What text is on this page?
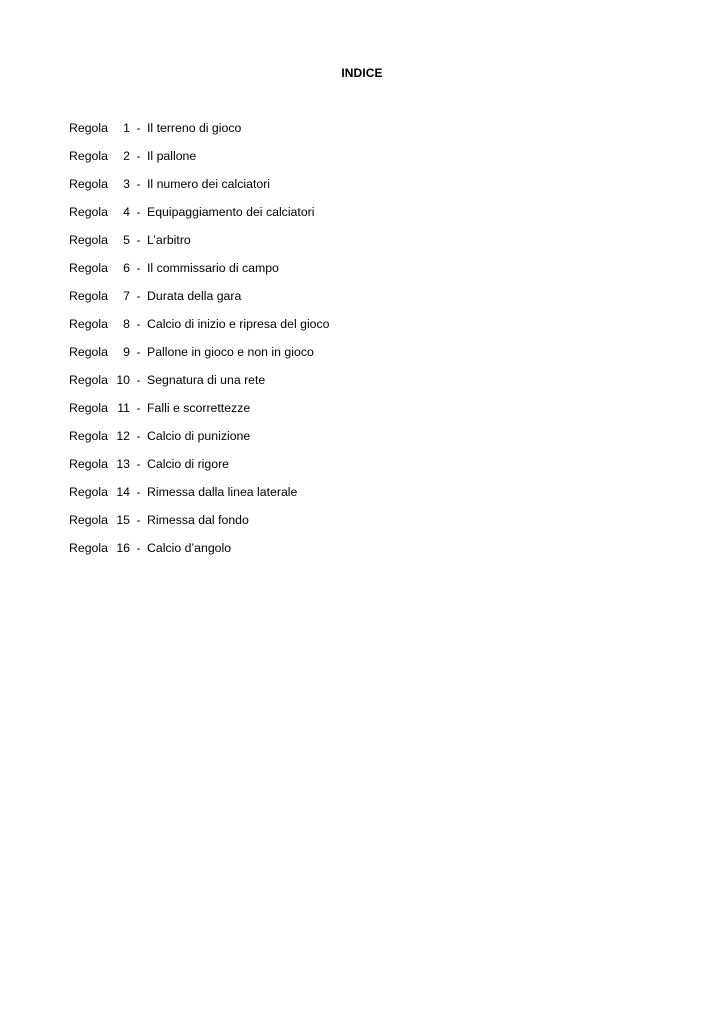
INDICE
Regola	1 - Il terreno di gioco
Regola	2 - Il pallone
Regola	3 - Il numero dei calciatori
Regola	4 - Equipaggiamento dei calciatori
Regola	5 - L’arbitro
Regola	6 - Il commissario di campo
Regola	7 - Durata della gara
Regola	8 - Calcio di inizio e ripresa del gioco
Regola	9 - Pallone in gioco e non in gioco
Regola 10 - Segnatura di una rete
Regola 11 - Falli e scorrettezze
Regola 12 - Calcio di punizione
Regola 13 - Calcio di rigore
Regola 14 - Rimessa dalla linea laterale
Regola 15 - Rimessa dal fondo
Regola 16 - Calcio d’angolo
